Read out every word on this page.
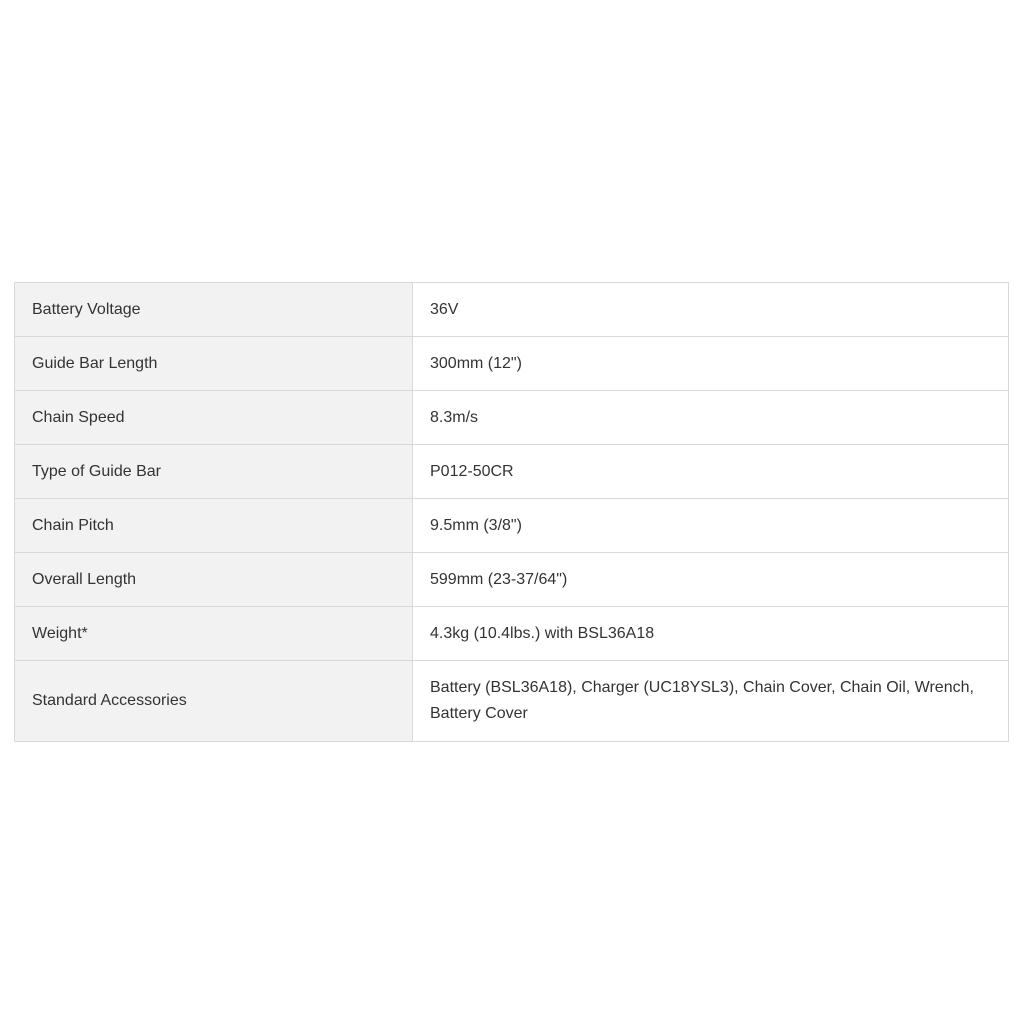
Battery Voltage	36V
Guide Bar Length	300mm (12")
Chain Speed	8.3m/s
Type of Guide Bar	P012-50CR
Chain Pitch	9.5mm (3/8")
Overall Length	599mm (23-37/64")
Weight*	4.3kg (10.4lbs.) with BSL36A18
Standard Accessories	Battery (BSL36A18), Charger (UC18YSL3), Chain Cover, Chain Oil, Wrench, Battery Cover
